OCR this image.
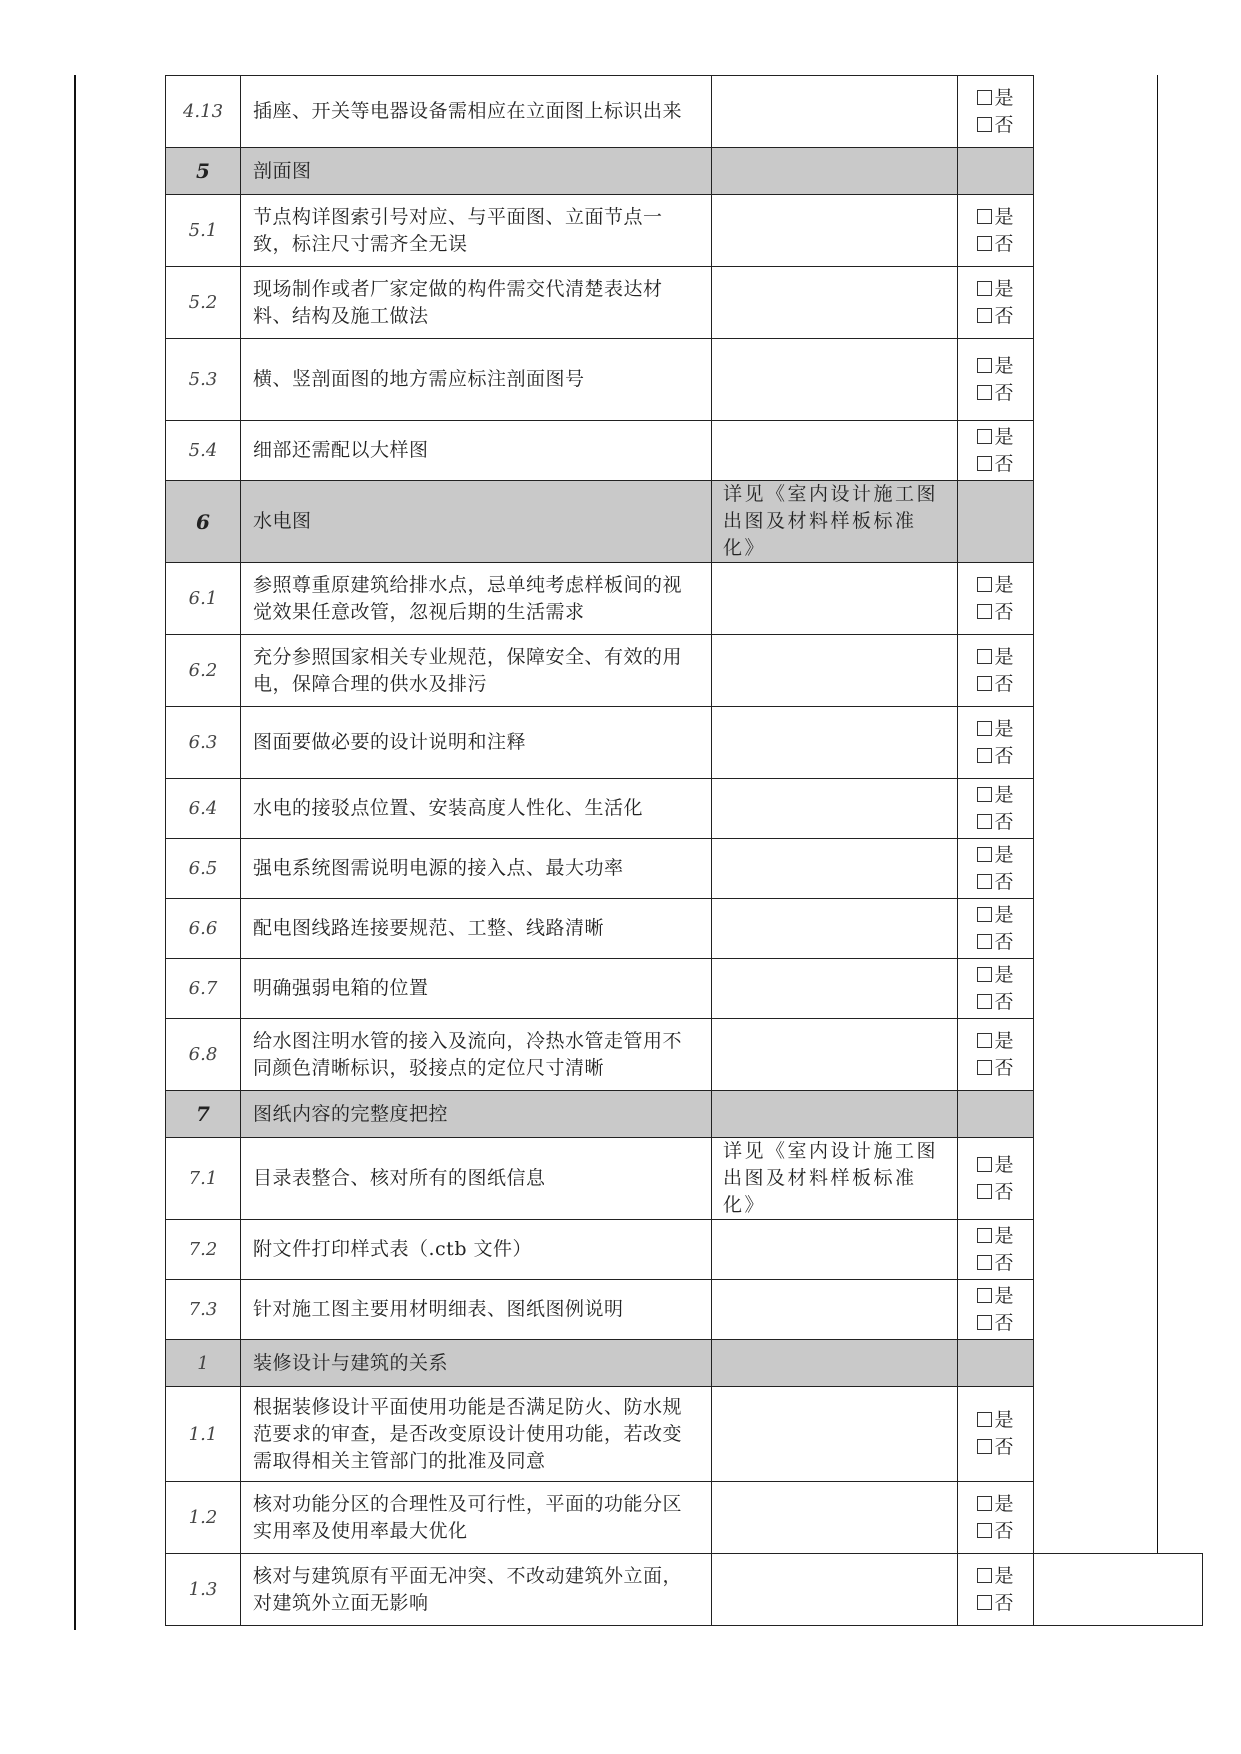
4.13	插座、开关等电器设备需相应在立面图上标识出来		是
否	

5	剖面图			
5.1	节点构详图索引号对应、与平面图、立面节点一致，标注尺寸需齐全无误		是
否	

5.2	现场制作或者厂家定做的构件需交代清楚表达材料、结构及施工做法		是
否	

5.3	横、竖剖面图的地方需应标注剖面图号		是
否	

5.4	细部还需配以大样图		是
否	

6	水电图	详见《室内设计施工图出图及材料样板标准化》		
6.1	参照尊重原建筑给排水点，忌单纯考虑样板间的视觉效果任意改管，忽视后期的生活需求		是
否	

6.2	充分参照国家相关专业规范，保障安全、有效的用电，保障合理的供水及排污		是
否	

6.3	图面要做必要的设计说明和注释		是
否	

6.4	水电的接驳点位置、安装高度人性化、生活化		是
否	

6.5	强电系统图需说明电源的接入点、最大功率		是
否	

6.6	配电图线路连接要规范、工整、线路清晰		是
否	

6.7	明确强弱电箱的位置		是
否	

6.8	给水图注明水管的接入及流向，冷热水管走管用不同颜色清晰标识，驳接点的定位尺寸清晰		是
否	

7	图纸内容的完整度把控			
7.1	目录表整合、核对所有的图纸信息	详见《室内设计施工图出图及材料样板标准化》	是
否	

7.2	附文件打印样式表（.ctb 文件）		是
否	

7.3	针对施工图主要用材明细表、图纸图例说明		是
否	

1	装修设计与建筑的关系			
1.1	根据装修设计平面使用功能是否满足防火、防水规范要求的审查，是否改变原设计使用功能，若改变需取得相关主管部门的批准及同意		是
否	

1.2	核对功能分区的合理性及可行性，平面的功能分区实用率及使用率最大优化		是
否	

1.3	核对与建筑原有平面无冲突、不改动建筑外立面，对建筑外立面无影响		是
否	
